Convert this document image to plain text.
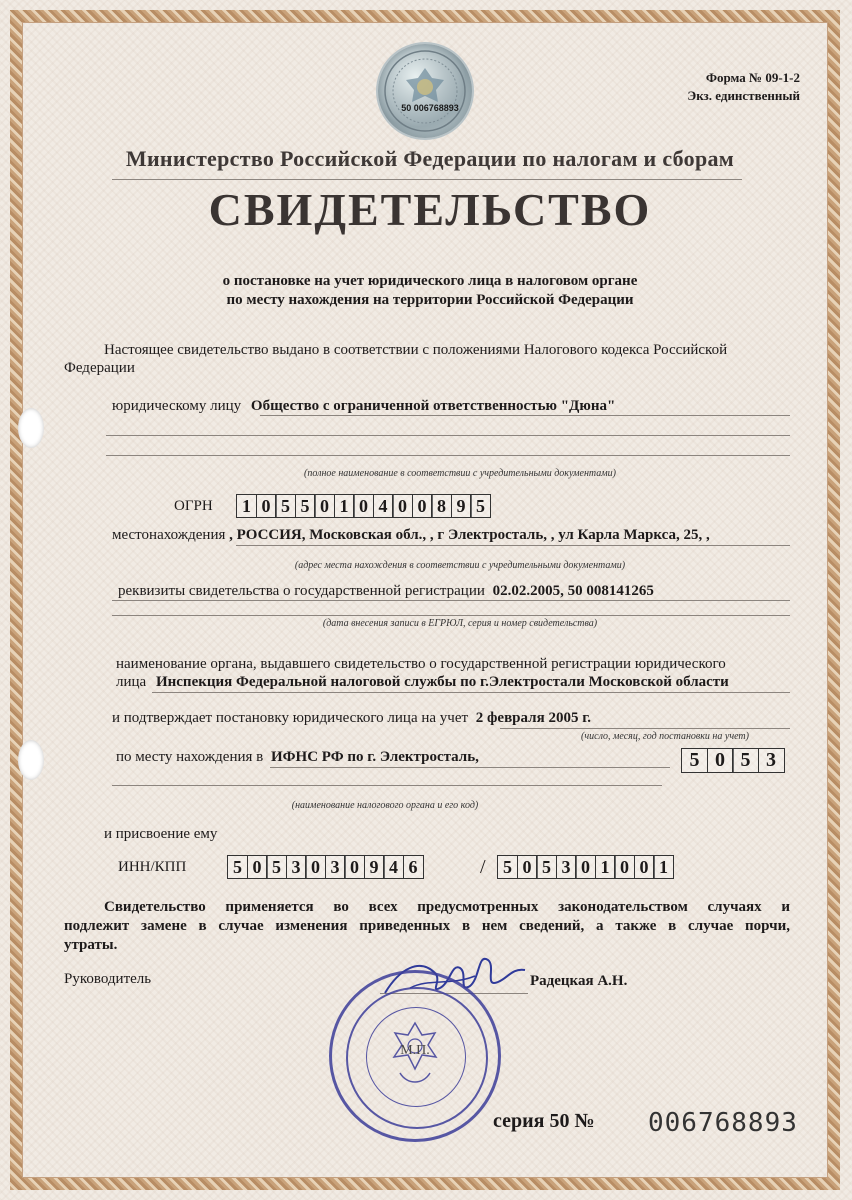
50 006768893
Форма № 09-1-2
Экз. единственный
Министерство Российской Федерации по налогам и сборам
СВИДЕТЕЛЬСТВО
о постановке на учет юридического лица в налоговом органе
по месту нахождения на территории Российской Федерации
Настоящее свидетельство выдано в соответствии с положениями Налогового кодекса Российской
Федерации
юридическому лицу Общество с ограниченной ответственностью "Дюна"
(полное наименование в соответствии с учредительными документами)
ОГРН	1 0 5 5 0 1 0 4 0 0 8 9 5
местонахождения , РОССИЯ, Московская обл., , г Электросталь, , ул Карла Маркса, 25, ,
(адрес места нахождения в соответствии с учредительными документами)
реквизиты свидетельства о государственной регистрации 02.02.2005, 50 008141265
(дата внесения записи в ЕГРЮЛ, серия и номер свидетельства)
наименование органа, выдавшего свидетельство о государственной регистрации юридического
лица Инспекция Федеральной налоговой службы по г.Электростали Московской области
и подтверждает постановку юридического лица на учет 2 февраля 2005 г.
(число, месяц, год постановки на учет)
по месту нахождения в ИФНС РФ по г. Электросталь,	5 0 5 3
(наименование налогового органа и его код)
и присвоение ему
ИНН/КПП	5 0 5 3 0 3 0 9 4 6	/ 5 0 5 3 0 1 0 0 1
Свидетельство применяется во всех предусмотренных законодательством случаях и
подлежит замене в случае изменения приведенных в нем сведений, а также в случае порчи,
утраты.
Руководитель	Радецкая А.Н.
М.П.
серия 50 № 006768893
